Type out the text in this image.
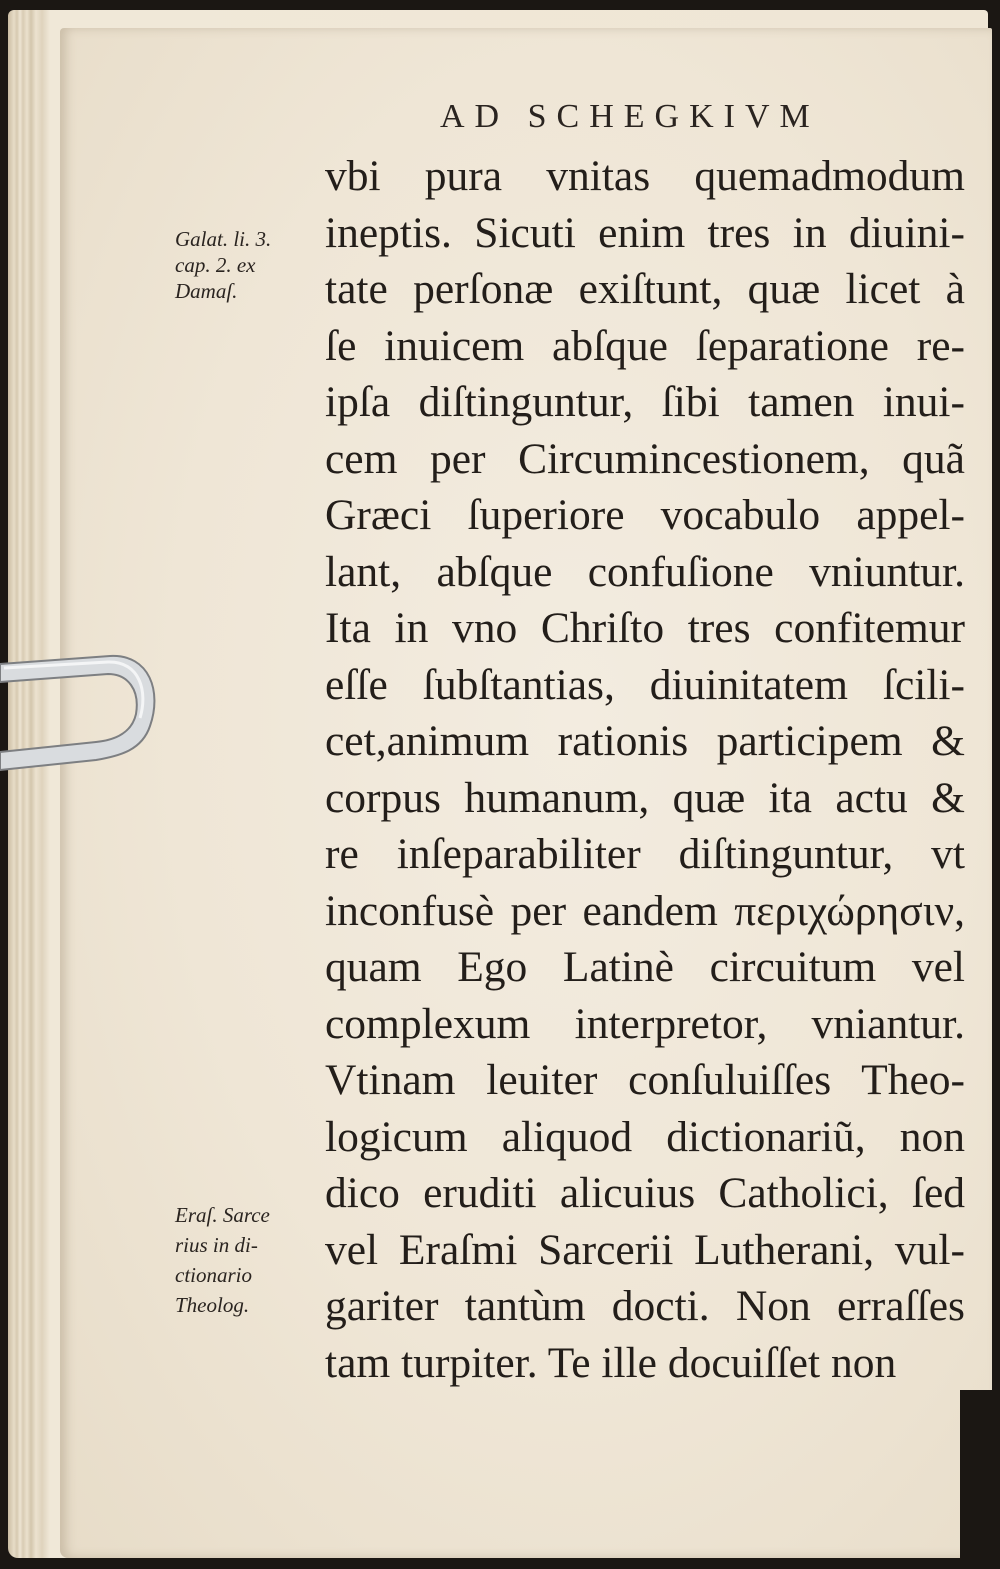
AD SCHEGKIVM
Galat. li. 3.
cap. 2. ex
Damaſ.
Eraſ. Sarce
rius in di-
ctionario
Theolog.
vbi pura vnitas quemadmodum
ineptis. Sicuti enim tres in diuini-
tate perſonæ exiſtunt, quæ licet à
ſe inuicem abſque ſeparatione re-
ipſa diſtinguntur, ſibi tamen inui-
cem per Circumincestionem, quã
Græci ſuperiore vocabulo appel-
lant, abſque confuſione vniuntur.
Ita in vno Chriſto tres confitemur
eſſe ſubſtantias, diuinitatem ſcili-
cet,animum rationis participem &
corpus humanum, quæ ita actu &
re inſeparabiliter diſtinguntur, vt
inconfusè per eandem περιχώρησιν,
quam Ego Latinè circuitum vel
complexum interpretor, vniantur.
Vtinam leuiter conſuluiſſes Theo-
logicum aliquod dictionariũ, non
dico eruditi alicuius Catholici, ſed
vel Eraſmi Sarcerii Lutherani, vul-
gariter tantùm docti. Non erraſſes
tam turpiter. Te ille docuiſſet non
